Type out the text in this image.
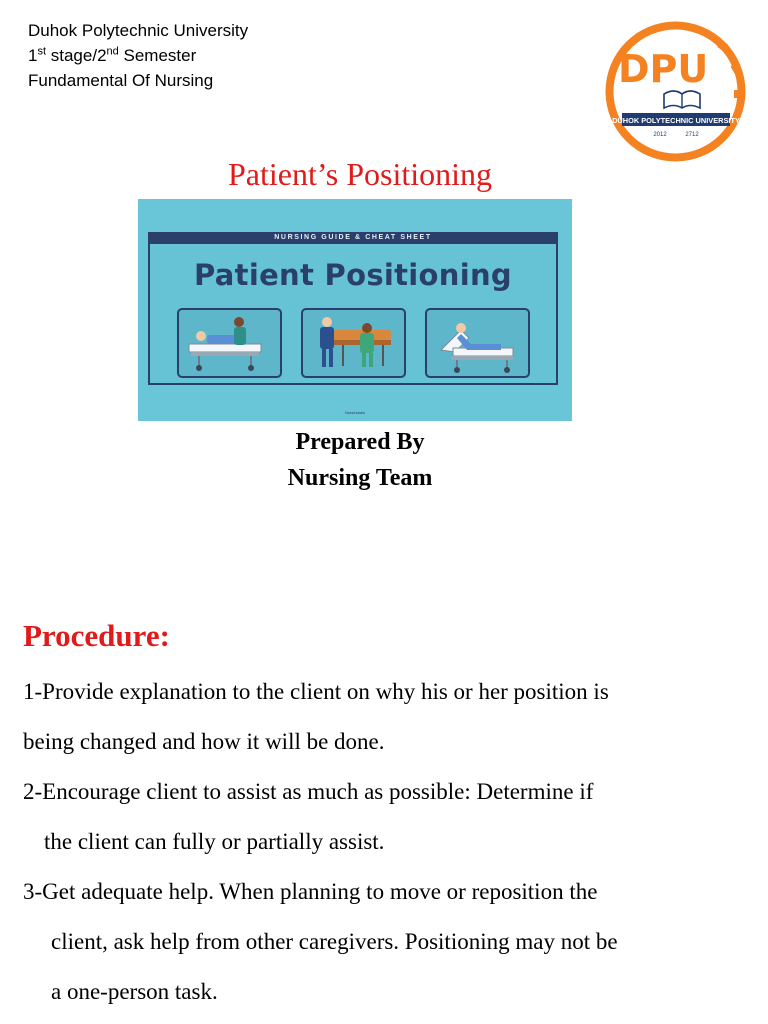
Duhok Polytechnic University
1st stage/2nd Semester
Fundamental Of Nursing	DPU
DUHOK POLYTECHNIC UNIVERSITY
2012	2712
Patient’s Positioning
NURSING GUIDE & CHEAT SHEET
Patient Positioning
Nurseslabs
Prepared By
Nursing Team
Procedure:
1-Provide explanation to the client on why his or her position is
being changed and how it will be done.
2-Encourage client to assist as much as possible: Determine if
the client can fully or partially assist.
3-Get adequate help. When planning to move or reposition the
client, ask help from other caregivers. Positioning may not be
a one-person task.
